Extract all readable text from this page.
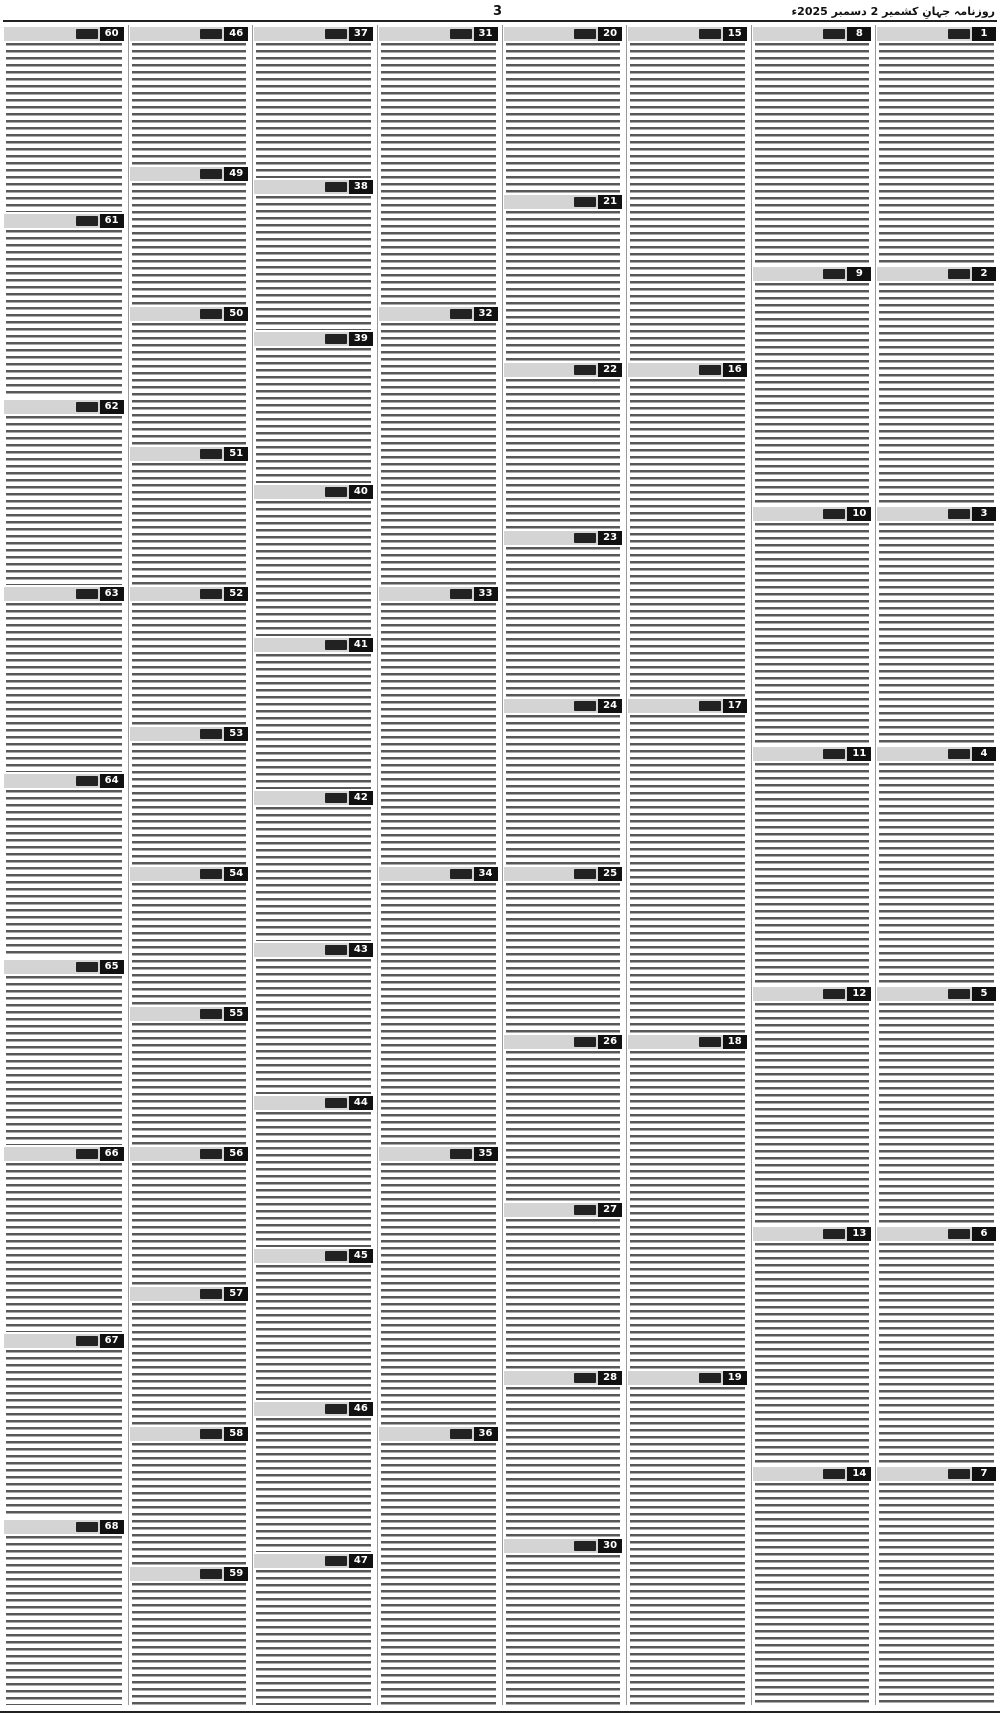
روزنامہ جہانِ کشمیر 2 دسمبر 2025ء
3
1
2
3
4
5
6
7
8
9
10
11
12
13
14
15
16
17
18
19
20
21
22
23
24
25
26
27
28
30
31
32
33
34
35
36
37
38
39
40
41
42
43
44
45
46
47
46
49
50
51
52
53
54
55
56
57
58
59
60
61
62
63
64
65
66
67
68
